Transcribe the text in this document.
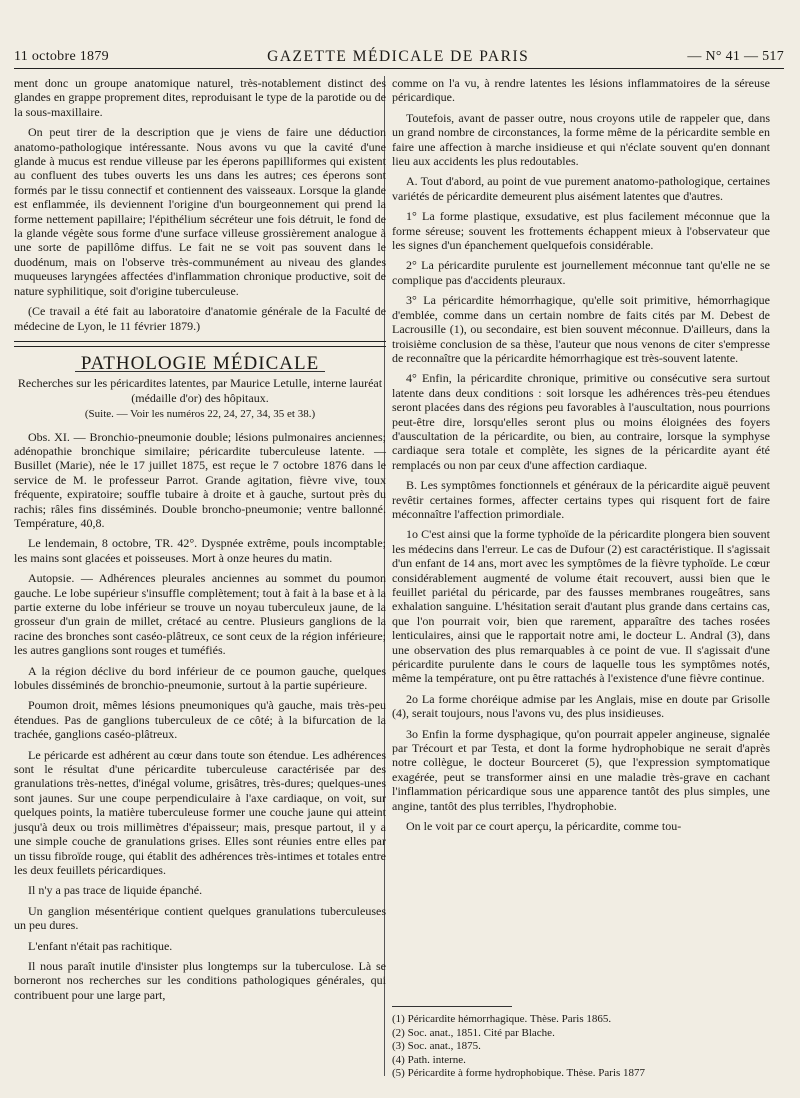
11 octobre 1879	GAZETTE MÉDICALE DE PARIS	— N° 41 — 517

ment donc un groupe anatomique naturel, très-notablement distinct des glandes en grappe proprement dites, reproduisant le type de la parotide ou de la sous-maxillaire.

On peut tirer de la description que je viens de faire une déduction anatomo-pathologique intéressante. Nous avons vu que la cavité d'une glande à mucus est rendue villeuse par les éperons papilliformes qui existent au confluent des tubes ouverts les uns dans les autres; ces éperons sont formés par le tissu connectif et contiennent des vaisseaux. Lorsque la glande est enflammée, ils deviennent l'origine d'un bourgeonnement qui prend la forme nettement papillaire; l'épithélium sécréteur une fois détruit, le fond de la glande végète sous forme d'une surface villeuse grossièrement analogue à une sorte de papillôme diffus. Le fait ne se voit pas souvent dans le duodénum, mais on l'observe très-communément au niveau des glandes muqueuses laryngées affectées d'inflammation chronique productive, soit de nature syphilitique, soit d'origine tuberculeuse.

(Ce travail a été fait au laboratoire d'anatomie générale de la Faculté de médecine de Lyon, le 11 février 1879.)

PATHOLOGIE MÉDICALE
Recherches sur les péricardites latentes, par Maurice Letulle, interne lauréat (médaille d'or) des hôpitaux.
(Suite. — Voir les numéros 22, 24, 27, 34, 35 et 38.)

Obs. XI. — Bronchio-pneumonie double; lésions pulmonaires anciennes; adénopathie bronchique similaire; péricardite tuberculeuse latente. — Busillet (Marie), née le 17 juillet 1875, est reçue le 7 octobre 1876 dans le service de M. le professeur Parrot. Grande agitation, fièvre vive, toux fréquente, expiratoire; souffle tubaire à droite et à gauche, surtout près du rachis; râles fins disséminés. Double broncho-pneumonie; ventre ballonné. Température, 40,8.

Le lendemain, 8 octobre, TR. 42°. Dyspnée extrême, pouls incomptable; les mains sont glacées et poisseuses. Mort à onze heures du matin.

Autopsie. — Adhérences pleurales anciennes au sommet du poumon gauche. Le lobe supérieur s'insuffle complètement; tout à fait à la base et à la partie externe du lobe inférieur se trouve un noyau tuberculeux jaune, de la grosseur d'un grain de millet, crétacé au centre. Plusieurs ganglions de la racine des bronches sont caséo-plâtreux, ce sont ceux de la région inférieure; les autres ganglions sont rouges et tuméfiés.

A la région déclive du bord inférieur de ce poumon gauche, quelques lobules disséminés de bronchio-pneumonie, surtout à la partie supérieure.

Poumon droit, mêmes lésions pneumoniques qu'à gauche, mais très-peu étendues. Pas de ganglions tuberculeux de ce côté; à la bifurcation de la trachée, ganglions caséo-plâtreux.

Le péricarde est adhérent au cœur dans toute son étendue. Les adhérences sont le résultat d'une péricardite tuberculeuse caractérisée par des granulations très-nettes, d'inégal volume, grisâtres, très-dures; quelques-unes sont jaunes. Sur une coupe perpendiculaire à l'axe cardiaque, on voit, sur quelques points, la matière tuberculeuse former une couche jaune qui atteint jusqu'à deux ou trois millimètres d'épaisseur; mais, presque partout, il y a une simple couche de granulations grises. Elles sont réunies entre elles par un tissu fibroïde rouge, qui établit des adhérences très-intimes et totales entre les deux feuillets péricardiques.

Il n'y a pas trace de liquide épanché.

Un ganglion mésentérique contient quelques granulations tuberculeuses un peu dures.

L'enfant n'était pas rachitique.

Il nous paraît inutile d'insister plus longtemps sur la tuberculose. Là se borneront nos recherches sur les conditions pathologiques générales, qui contribuent pour une large part,

comme on l'a vu, à rendre latentes les lésions inflammatoires de la séreuse péricardique.

Toutefois, avant de passer outre, nous croyons utile de rappeler que, dans un grand nombre de circonstances, la forme même de la péricardite semble en faire une affection à marche insidieuse et qui n'éclate souvent qu'en donnant lieu aux accidents les plus redoutables.

A. Tout d'abord, au point de vue purement anatomo-pathologique, certaines variétés de péricardite demeurent plus aisément latentes que d'autres.

1° La forme plastique, exsudative, est plus facilement méconnue que la forme séreuse; souvent les frottements échappent mieux à l'observateur que les signes d'un épanchement quelquefois considérable.

2° La péricardite purulente est journellement méconnue tant qu'elle ne se complique pas d'accidents pleuraux.

3° La péricardite hémorrhagique, qu'elle soit primitive, hémorrhagique d'emblée, comme dans un certain nombre de faits cités par M. Debest de Lacrousille (1), ou secondaire, est bien souvent méconnue. D'ailleurs, dans la troisième conclusion de sa thèse, l'auteur que nous venons de citer s'empresse de reconnaître que la péricardite hémorrhagique est très-souvent latente.

4° Enfin, la péricardite chronique, primitive ou consécutive sera surtout latente dans deux conditions : soit lorsque les adhérences très-peu étendues seront placées dans des régions peu favorables à l'auscultation, nous pourrions peut-être dire, lorsqu'elles seront plus ou moins éloignées des foyers d'auscultation de la péricardite, ou bien, au contraire, lorsque la symphyse cardiaque sera totale et complète, les signes de la péricardite ayant été remplacés ou non par ceux d'une affection cardiaque.

B. Les symptômes fonctionnels et généraux de la péricardite aiguë peuvent revêtir certaines formes, affecter certains types qui risquent fort de faire méconnaître l'affection primordiale.

1o C'est ainsi que la forme typhoïde de la péricardite plongera bien souvent les médecins dans l'erreur. Le cas de Dufour (2) est caractéristique. Il s'agissait d'un enfant de 14 ans, mort avec les symptômes de la fièvre typhoïde. Le cœur considérablement augmenté de volume était recouvert, aussi bien que le feuillet pariétal du péricarde, par des fausses membranes rougeâtres, sans exhalation sanguine. L'hésitation serait d'autant plus grande dans certains cas, que l'on pourrait voir, bien que rarement, apparaître des taches rosées lenticulaires, ainsi que le rapportait notre ami, le docteur L. Andral (3), dans une observation des plus remarquables à ce point de vue. Il s'agissait d'une péricardite purulente dans le cours de laquelle tous les symptômes notés, même la température, ont pu être rattachés à l'existence d'une fièvre continue.

2o La forme choréique admise par les Anglais, mise en doute par Grisolle (4), serait toujours, nous l'avons vu, des plus insidieuses.

3o Enfin la forme dysphagique, qu'on pourrait appeler angineuse, signalée par Trécourt et par Testa, et dont la forme hydrophobique ne serait d'après notre collègue, le docteur Bourceret (5), que l'expression symptomatique exagérée, peut se transformer ainsi en une maladie très-grave en cachant l'inflammation péricardique sous une apparence tantôt des plus simples, une angine, tantôt des plus terribles, l'hydrophobie.

On le voit par ce court aperçu, la péricardite, comme tou-

(1) Péricardite hémorrhagique. Thèse. Paris 1865.
(2) Soc. anat., 1851. Cité par Blache.
(3) Soc. anat., 1875.
(4) Path. interne.
(5) Péricardite à forme hydrophobique. Thèse. Paris 1877
